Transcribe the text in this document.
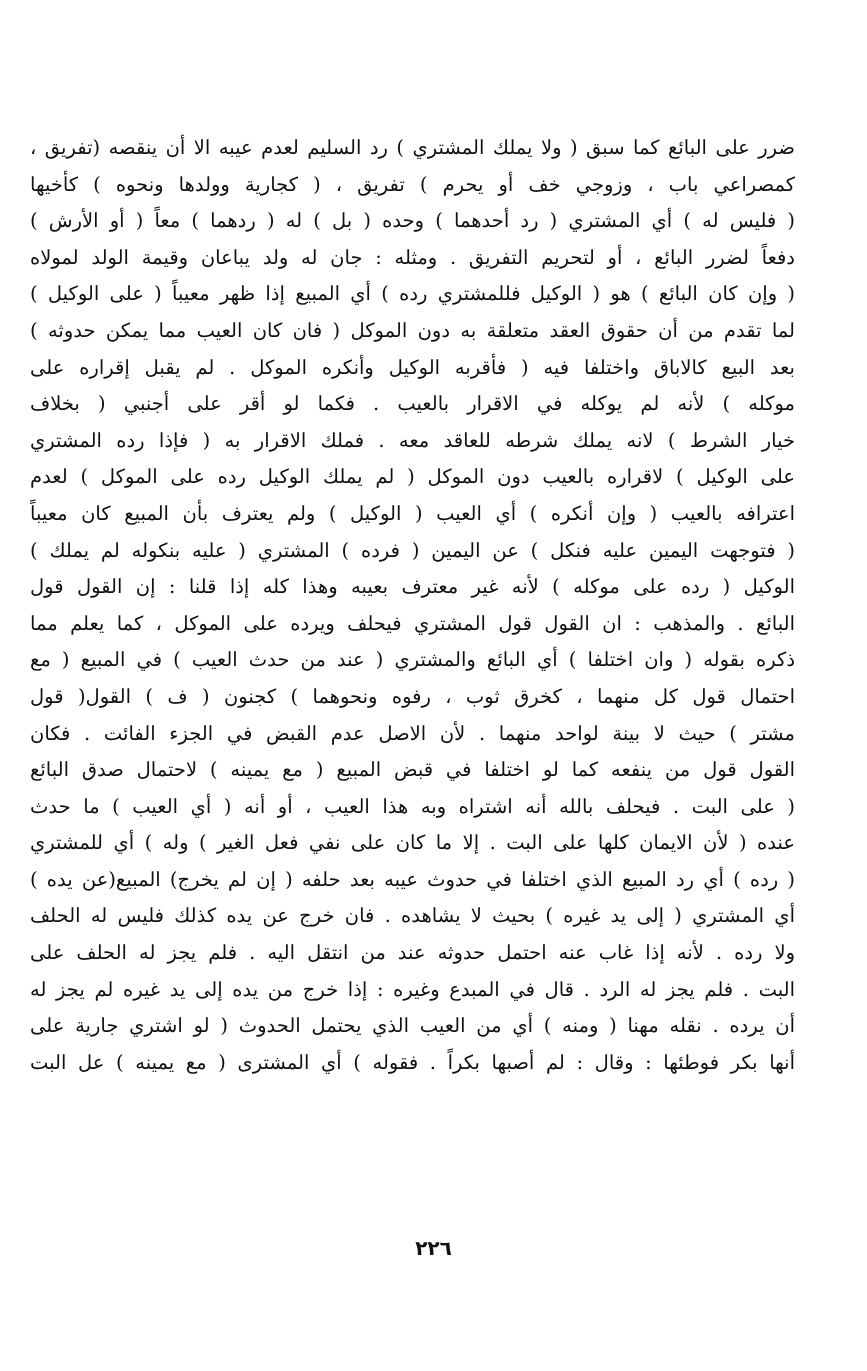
ضرر على البائع كما سبق ( ولا يملك المشتري ) رد السليم لعدم عيبه الا أن ينقصه (تفريق ،
كمصراعي باب ، وزوجي خف أو يحرم ) تفريق ، ( كجارية وولدها ونحوه ) كأخيها
( فليس له ) أي المشتري ( رد أحدهما ) وحده ( بل ) له ( ردهما ) معاً ( أو الأرش )
دفعاً لضرر البائع ، أو لتحريم التفريق . ومثله : جان له ولد يباعان وقيمة الولد لمولاه
( وإن كان البائع ) هو ( الوكيل فللمشتري رده ) أي المبيع إذا ظهر معيباً ( على الوكيل )
لما تقدم من أن حقوق العقد متعلقة به دون الموكل ( فان كان العيب مما يمكن حدوثه )
بعد البيع كالاباق واختلفا فيه ( فأقربه الوكيل وأنكره الموكل . لم يقبل إقراره على
موكله ) لأنه لم يوكله في الاقرار بالعيب . فكما لو أقر على أجنبي ( بخلاف
خيار الشرط ) لانه يملك شرطه للعاقد معه . فملك الاقرار به ( فإذا رده المشتري
على الوكيل ) لاقراره بالعيب دون الموكل ( لم يملك الوكيل رده على الموكل ) لعدم
اعترافه بالعيب ( وإن أنكره ) أي العيب ( الوكيل ) ولم يعترف بأن المبيع كان معيباً
( فتوجهت اليمين عليه فنكل ) عن اليمين ( فرده ) المشتري ( عليه بنكوله لم يملك )
الوكيل ( رده على موكله ) لأنه غير معترف بعيبه وهذا كله إذا قلنا : إن القول قول
البائع . والمذهب : ان القول قول المشتري فيحلف ويرده على الموكل ، كما يعلم مما
ذكره بقوله ( وان اختلفا ) أي البائع والمشتري ( عند من حدث العيب ) في المبيع ( مع
احتمال قول كل منهما ، كخرق ثوب ، رفوه ونحوهما ) كجنون ( ف ) القول( قول
مشتر ) حيث لا بينة لواحد منهما . لأن الاصل عدم القبض في الجزء الفائت . فكان
القول قول من ينفعه كما لو اختلفا في قبض المبيع ( مع يمينه ) لاحتمال صدق البائع
( على البت . فيحلف بالله أنه اشتراه وبه هذا العيب ، أو أنه ( أي العيب ) ما حدث
عنده ( لأن الايمان كلها على البت . إلا ما كان على نفي فعل الغير ) وله ) أي للمشتري
( رده ) أي رد المبيع الذي اختلفا في حدوث عيبه بعد حلفه ( إن لم يخرج) المبيع(عن يده )
أي المشتري ( إلى يد غيره ) بحيث لا يشاهده . فان خرج عن يده كذلك فليس له الحلف
ولا رده . لأنه إذا غاب عنه احتمل حدوثه عند من انتقل اليه . فلم يجز له الحلف على
البت . فلم يجز له الرد . قال في المبدع وغيره : إذا خرج من يده إلى يد غيره لم يجز له
أن يرده . نقله مهنا ( ومنه ) أي من العيب الذي يحتمل الحدوث ( لو اشتري جارية على
أنها بكر فوطئها : وقال : لم أصبها بكراً . فقوله ) أي المشترى ( مع يمينه ) عل البت
٢٢٦
